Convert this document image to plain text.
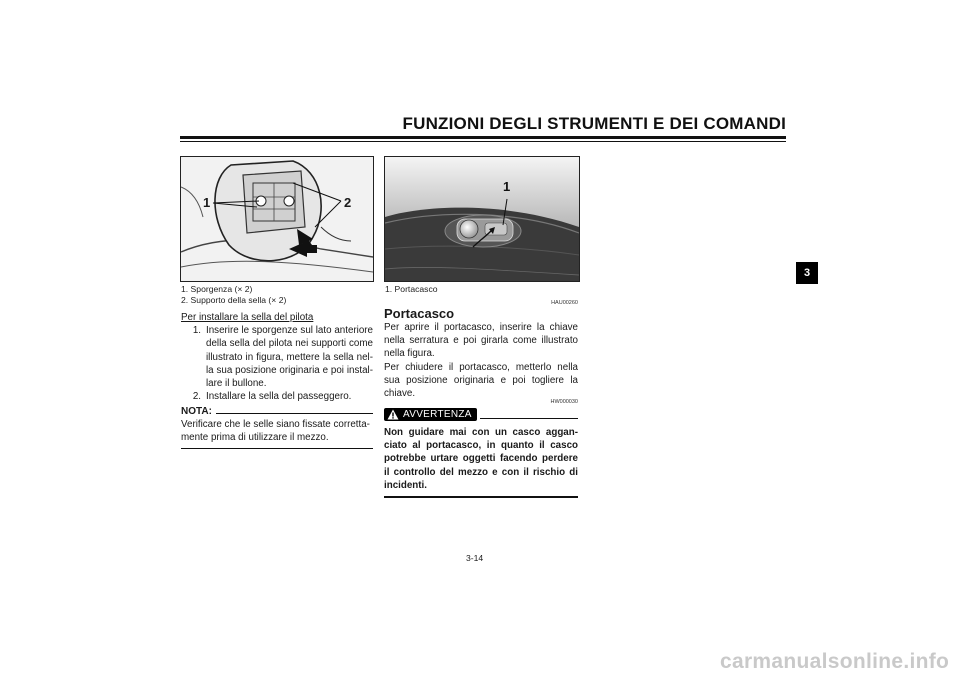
FUNZIONI DEGLI STRUMENTI E DEI COMANDI
1	2
1. Sporgenza (× 2)
2. Supporto della sella (× 2)
Per installare la sella del pilota
1. Inserire le sporgenze sul lato anteriore della sella del pilota nei supporti come illustrato in figura, mettere la sella nel-la sua posizione originaria e poi instal-lare il bullone.
2. Installare la sella del passeggero.
NOTA:
Verificare che le selle siano fissate corretta-mente prima di utilizzare il mezzo.
1
1. Portacasco
HAU00260
Portacasco
Per aprire il portacasco, inserire la chiave nella serratura e poi girarla come illustrato nella figura.
Per chiudere il portacasco, metterlo nella sua posizione originaria e poi togliere la chiave.
HW000030
AVVERTENZA
Non guidare mai con un casco aggan-ciato al portacasco, in quanto il casco potrebbe urtare oggetti facendo perdere il controllo del mezzo e con il rischio di incidenti.
3
3-14
carmanualsonline.info
